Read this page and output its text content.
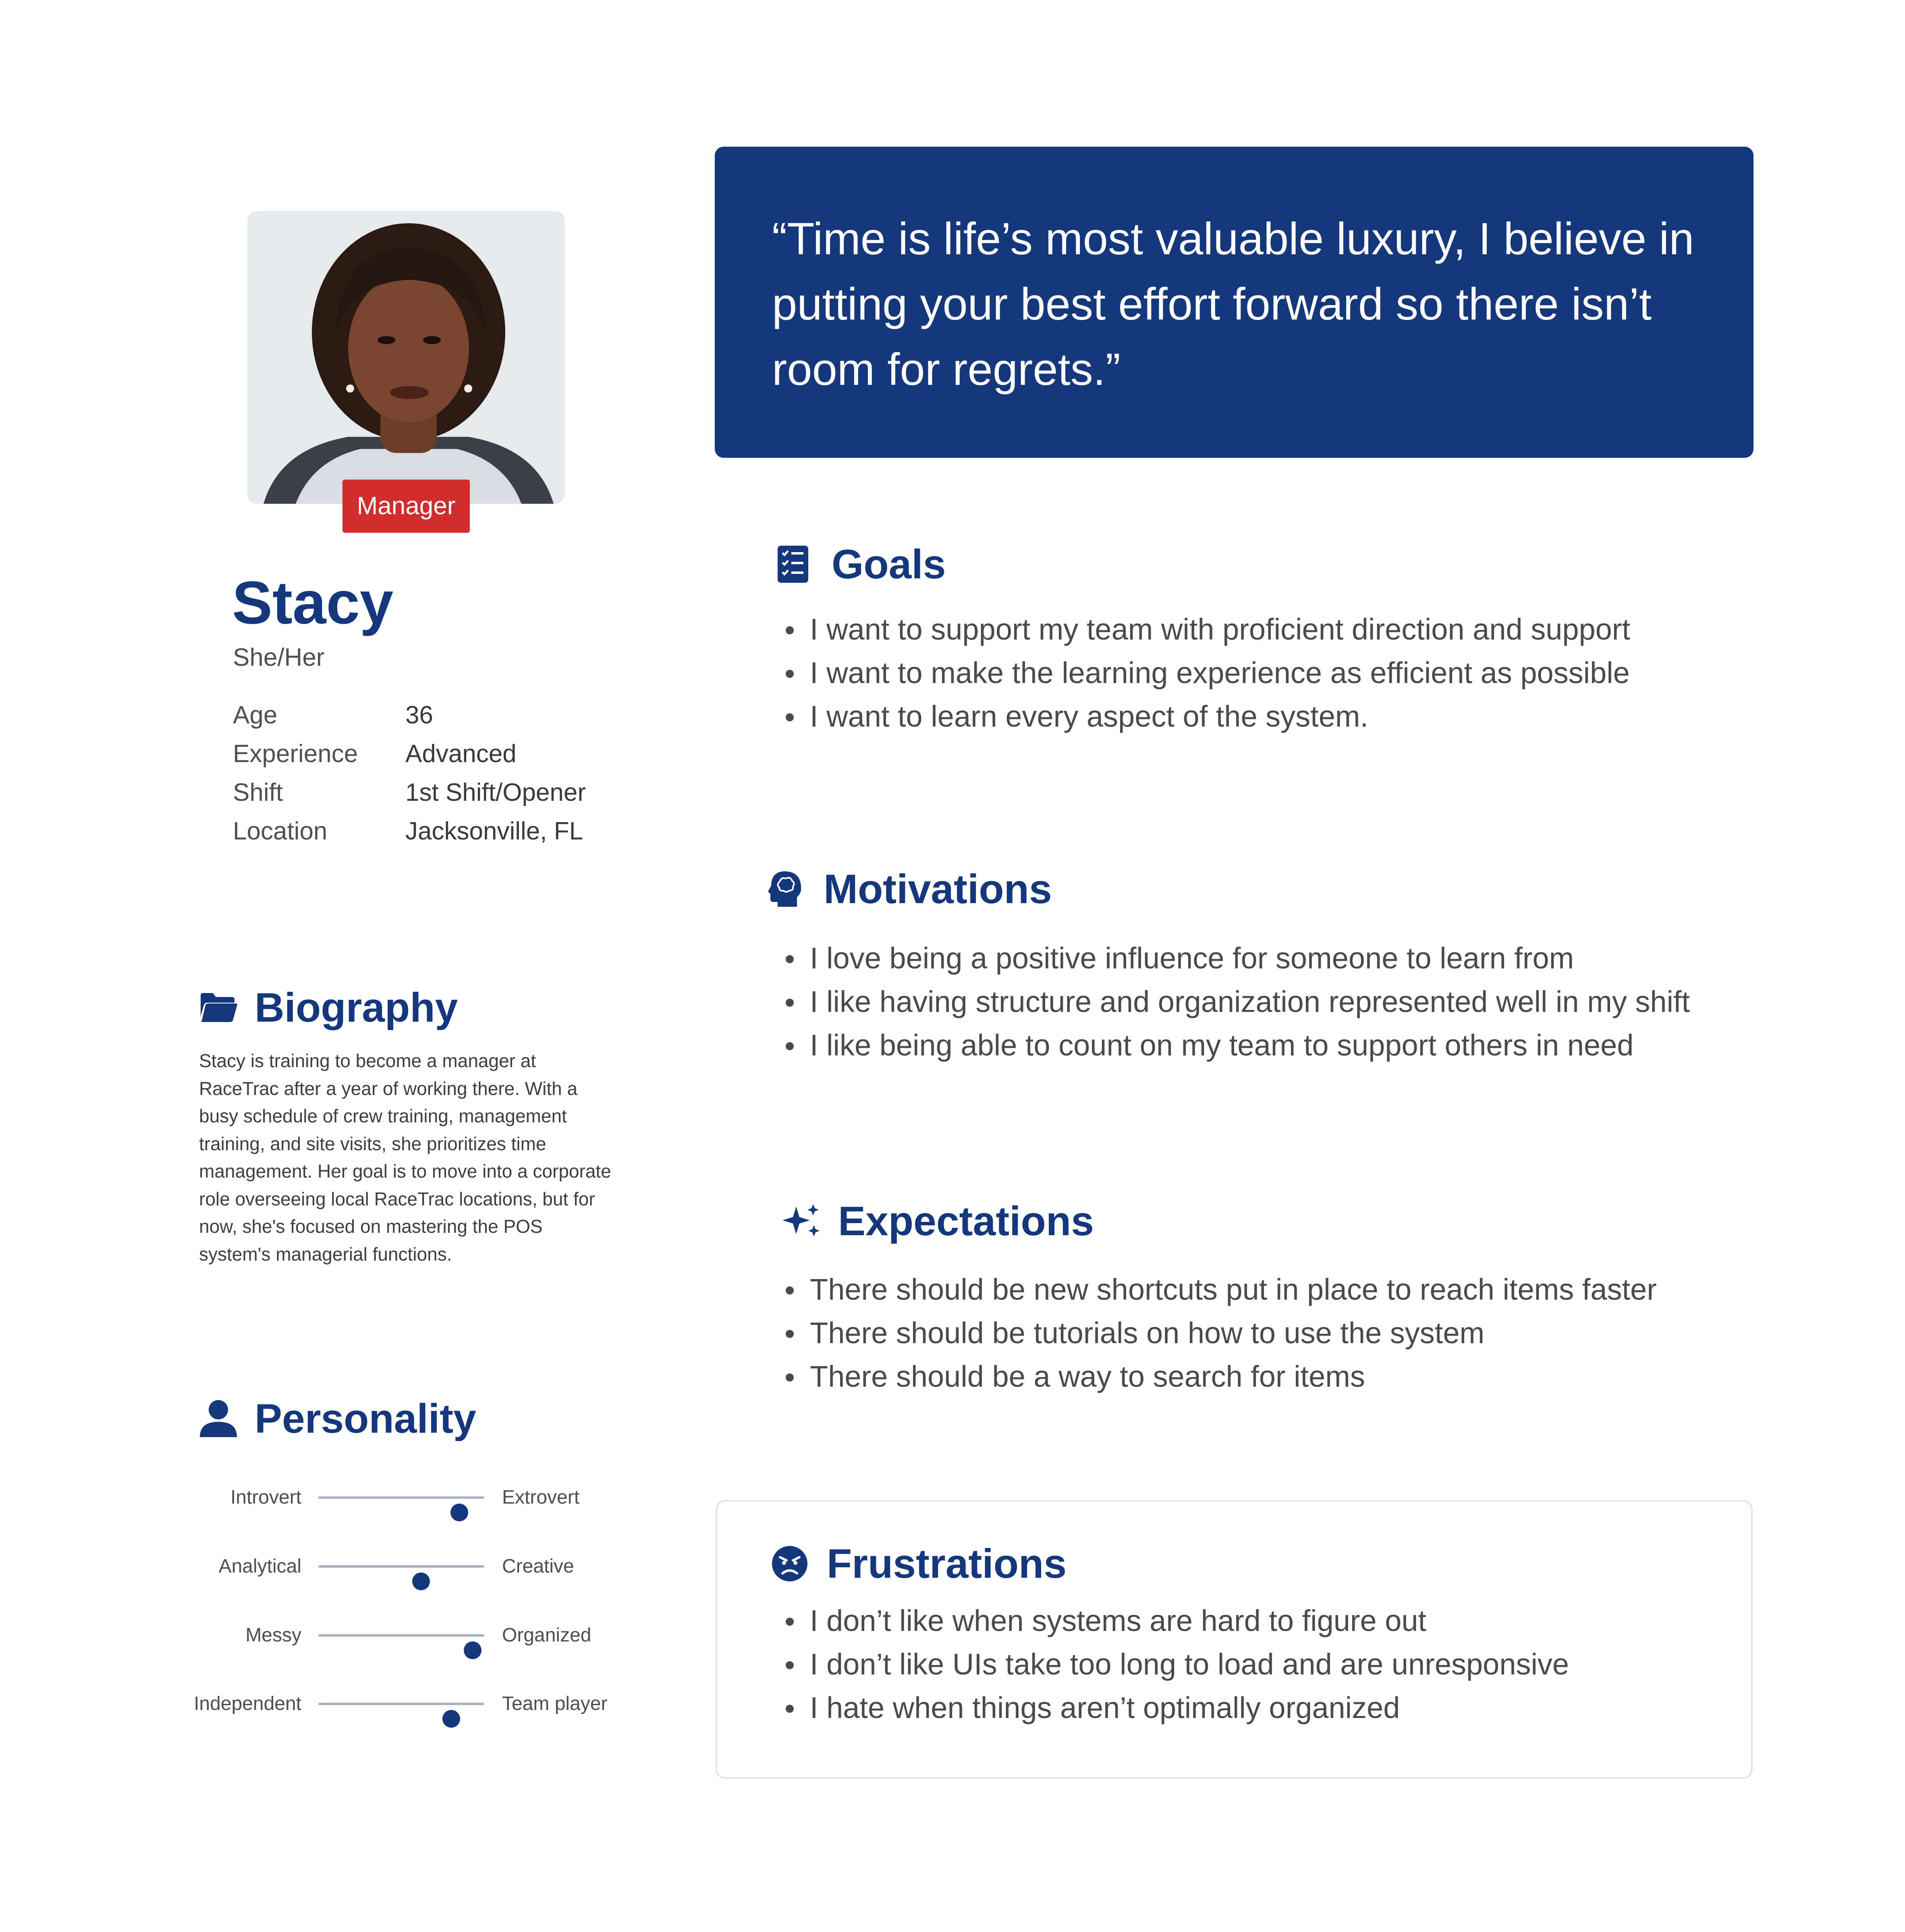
Manager
Stacy
She/Her
Age	36
Experience	Advanced
Shift	1st Shift/Opener
Location	Jacksonville, FL
Biography
Stacy is training to become a manager at
RaceTrac after a year of working there. With a
busy schedule of crew training, management
training, and site visits, she prioritizes time
management. Her goal is to move into a corporate
role overseeing local RaceTrac locations, but for
now, she's focused on mastering the POS
system's managerial functions.
Personality
Introvert	Extrovert
Analytical	Creative
Messy	Organized
Independent	Team player
“Time is life’s most valuable luxury, I believe in putting your best effort forward so there isn’t room for regrets.”
Goals
I want to support my team with proficient direction and support
I want to make the learning experience as efficient as possible
I want to learn every aspect of the system.
Motivations
I love being a positive influence for someone to learn from
I like having structure and organization represented well in my shift
I like being able to count on my team to support others in need
Expectations
There should be new shortcuts put in place to reach items faster
There should be tutorials on how to use the system
There should be a way to search for items
Frustrations
I don’t like when systems are hard to figure out
I don’t like UIs take too long to load and are unresponsive
I hate when things aren’t optimally organized
